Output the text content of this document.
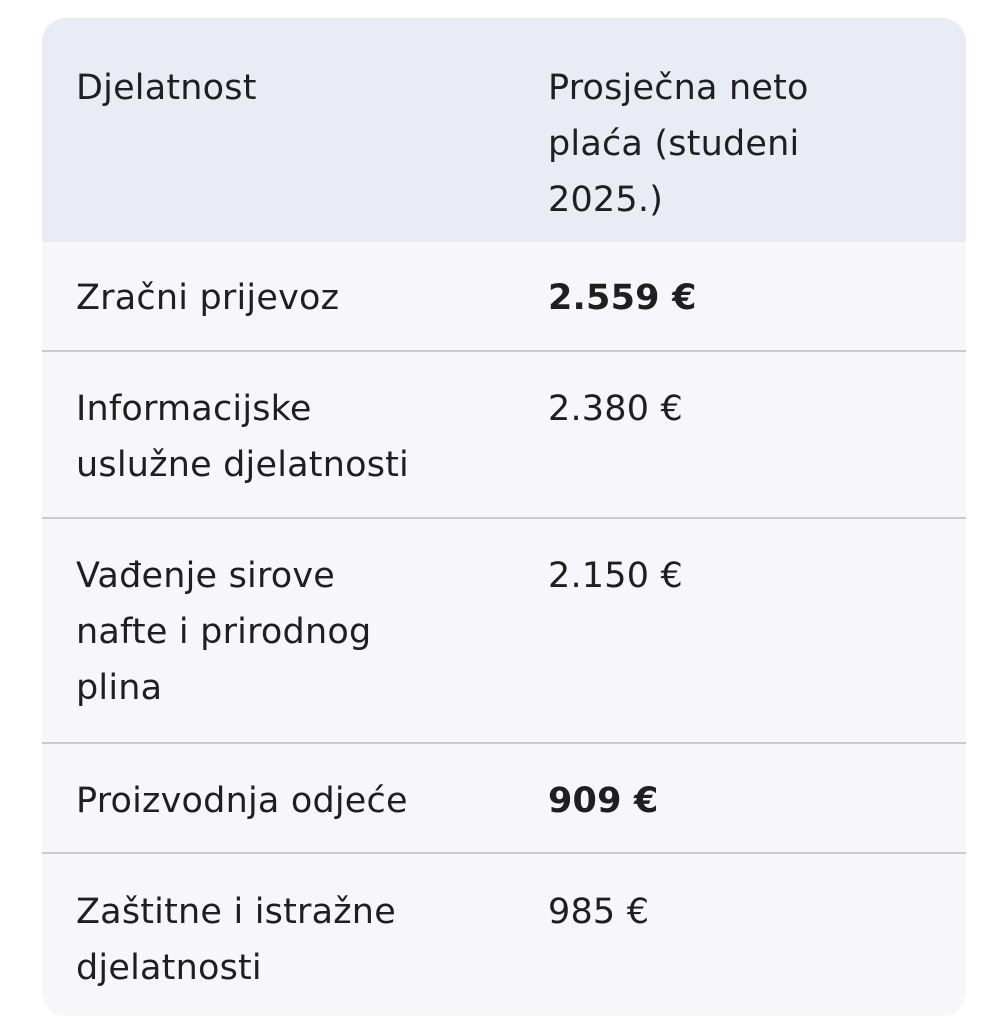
Djelatnost	Prosječna neto
plaća (studeni
2025.)
Zračni prijevoz	2.559 €
Informacijske
uslužne djelatnosti
2.380 €
Vađenje sirove
nafte i prirodnog
plina
2.150 €
Proizvodnja odjeće	909 €
Zaštitne i istražne
djelatnosti
985 €
